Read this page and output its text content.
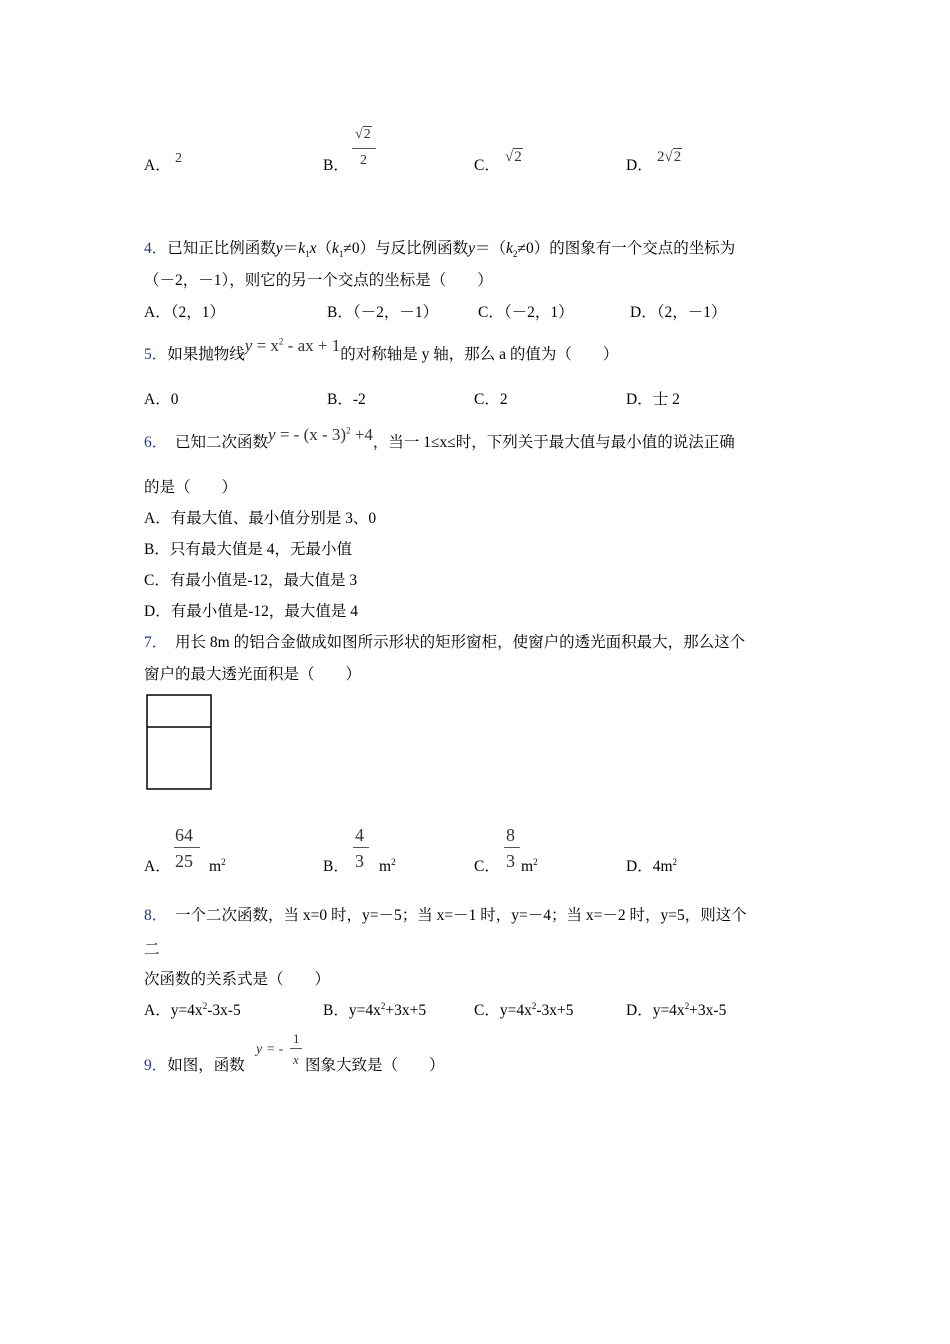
A． 2	B．
√2
2	C． √2	D． 2√2
4．已知正比例函数$y=k_1x(k_1\ne 0)$与反比例函数$y=(k_2\ne 0)$的图象有一个交点的坐标为
（－2，－1），则它的另一个交点的坐标是（　　）
A．（2，1）	B．（－2，－1）	C．（－2，1）	D．（2，－1）
5．如果抛物线$y = x^2$ - ax + 1的对称轴是 y 轴，那么 a 的值为（　　）
A．0	B．-2	C．2	D．士 2
6． 已知二次函数y = - (x - 3)$^2$ +4，当一 1≤x≤时，下列关于最大值与最小值的说法正确
的是（　　）
A．有最大值、最小值分别是 3、0
B．只有最大值是 4，无最小值
C．有最小值是-12，最大值是 3
D．有最小值是-12，最大值是 4
7． 用长 8m 的铝合金做成如图所示形状的矩形窗柜，使窗户的透光面积最大，那么这个
窗户的最大透光面积是（　　）
A．
64
25 $m^2$	B．
4
3 $m^2$	C．
8
3 $m^2$	D．$4m^2$
8． 一个二次函数，当 x=0 时，y=－5；当 x=－1 时，y=－4；当 x=－2 时，y=5，则这个
二
次函数的关系式是（　　）
A．$y=4x^2-3x-5$	B．$y=4x^2+3x+5$	C．$y=4x^2-3x+5$	D．$y=4x^2+3x-5$
9．如图，函数
y = -
1
x 图象大致是（　　）
